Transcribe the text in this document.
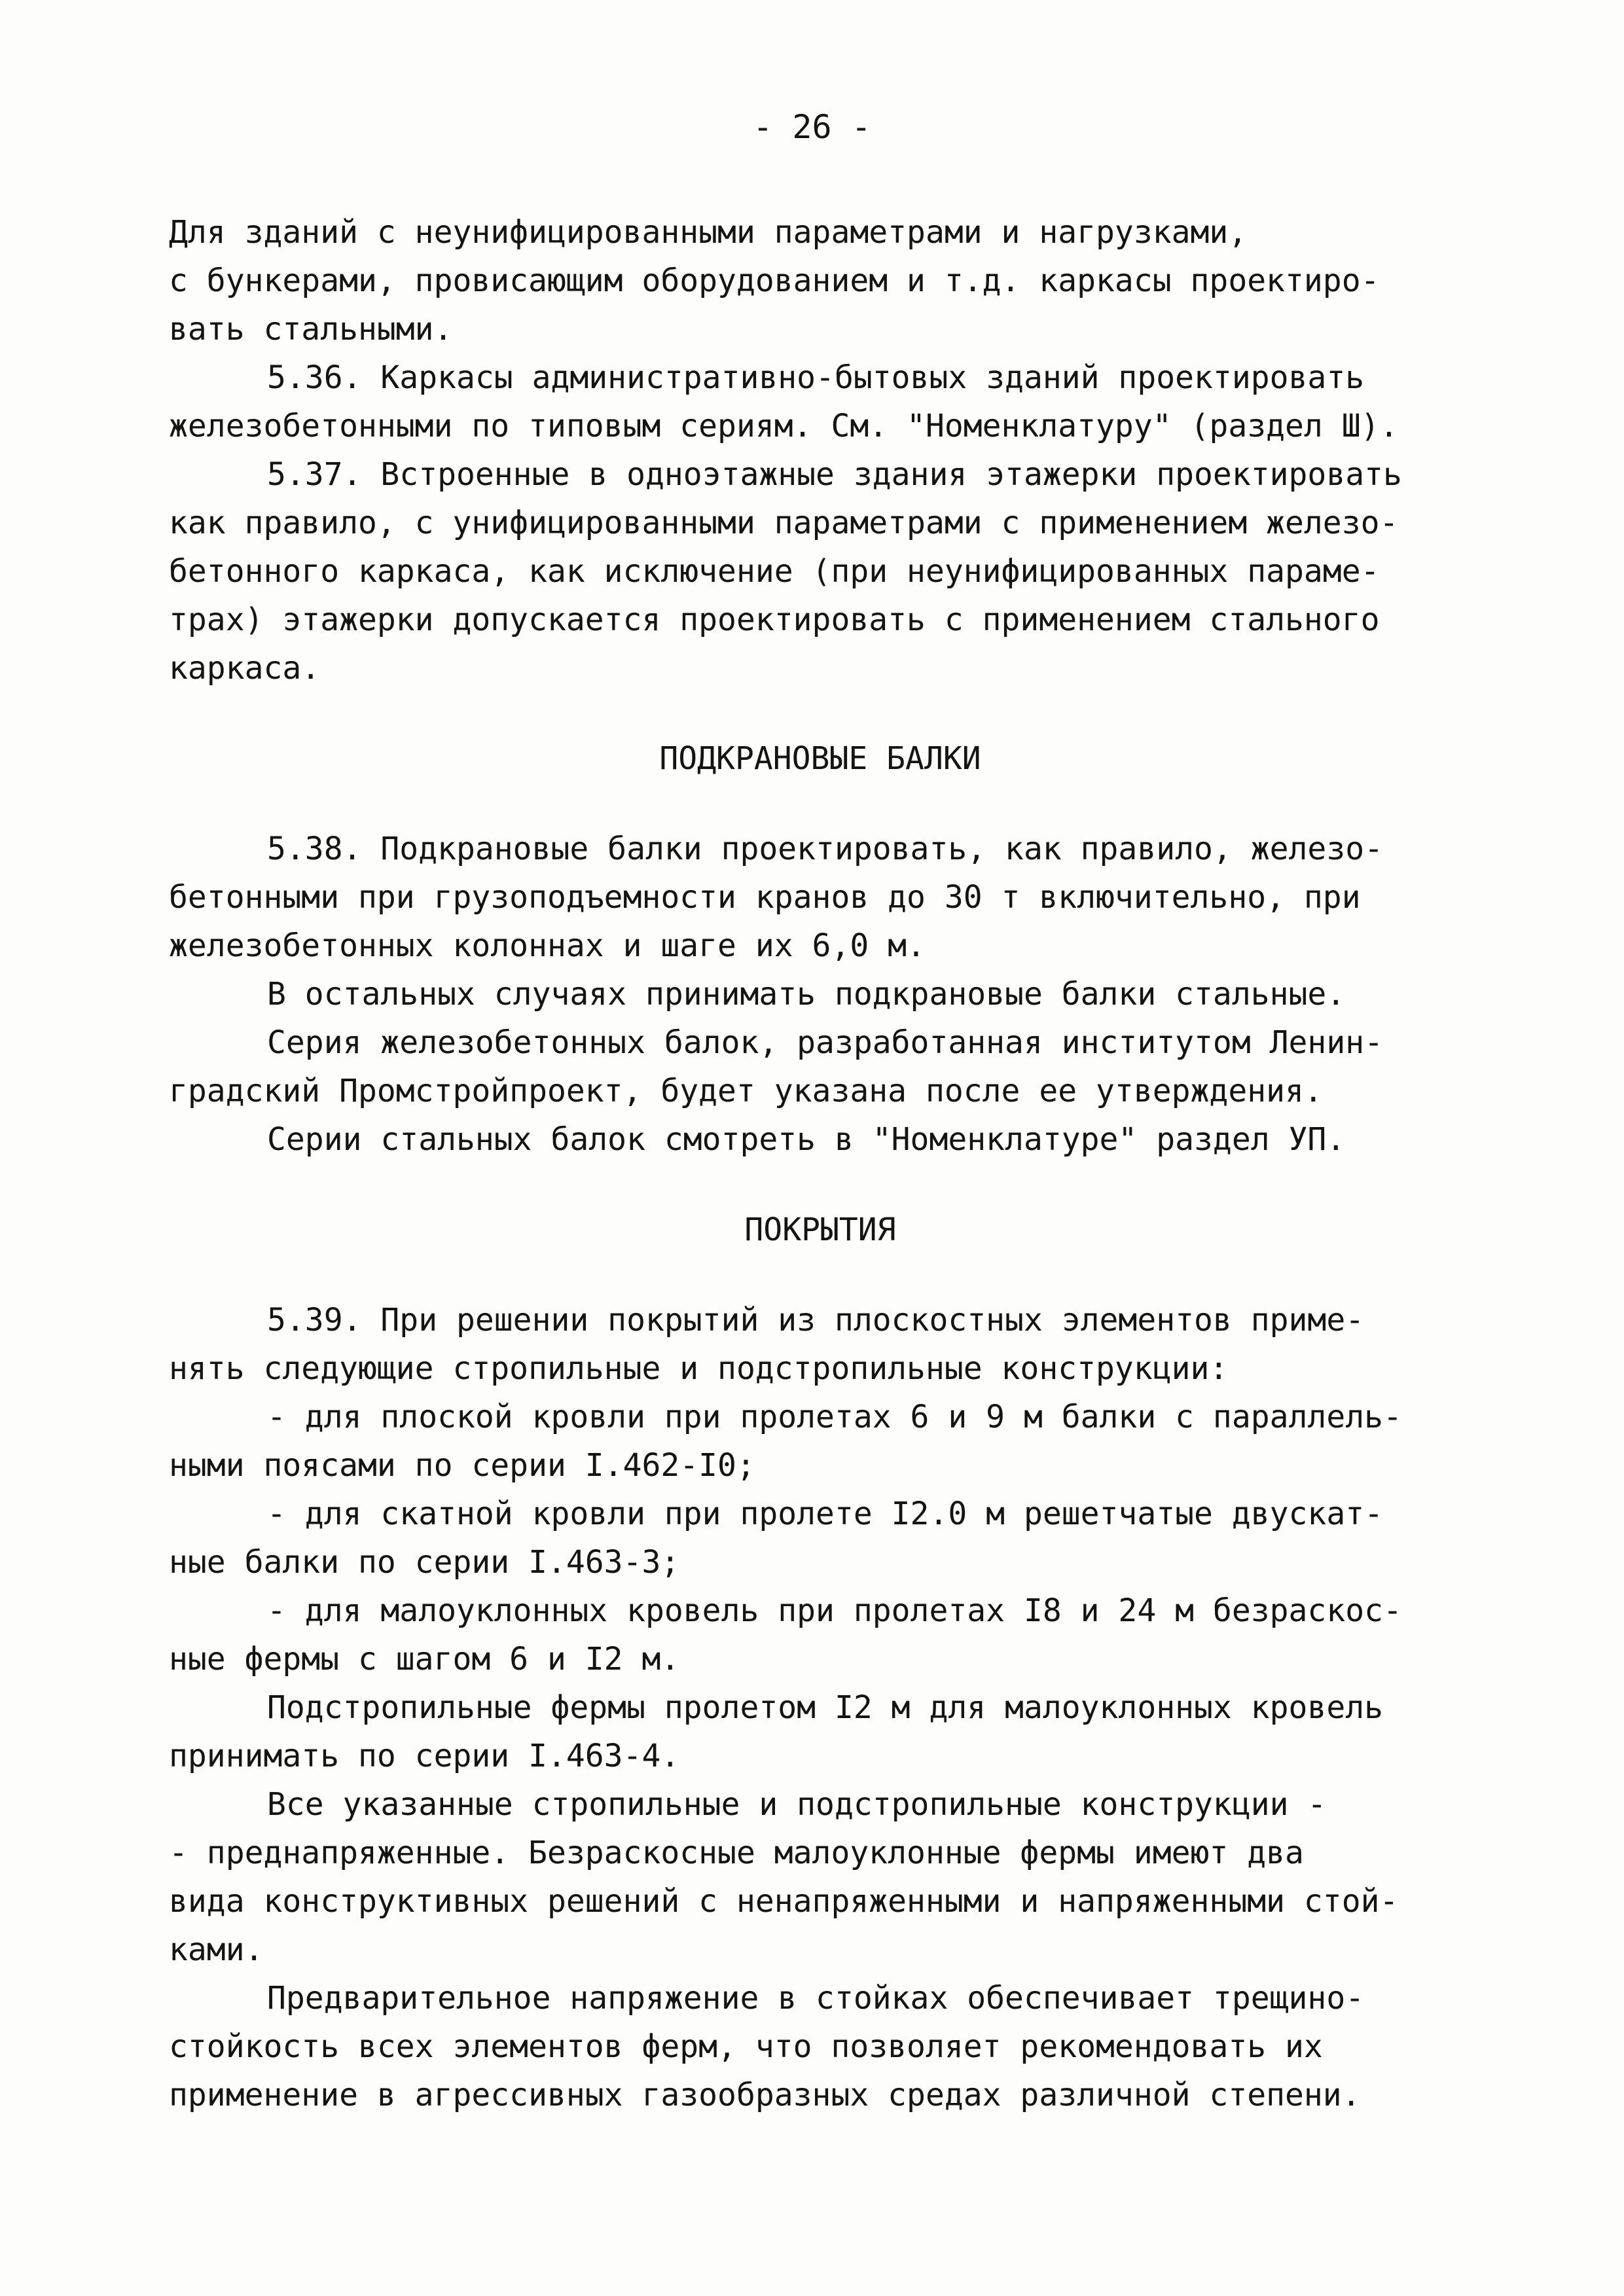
- 26 -
Для зданий с неунифицированными параметрами и нагрузками,
с бункерами, провисающим оборудованием и т.д. каркасы проектиро-
вать стальными.
5.36. Каркасы административно-бытовых зданий проектировать
железобетонными по типовым сериям. См. "Номенклатуру" (раздел Ш).
5.37. Встроенные в одноэтажные здания этажерки проектировать
как правило, с унифицированными параметрами с применением железо-
бетонного каркаса, как исключение (при неунифицированных параме-
трах) этажерки допускается проектировать с применением стального
каркаса.
ПОДКРАНОВЫЕ БАЛКИ
5.38. Подкрановые балки проектировать, как правило, железо-
бетонными при грузоподъемности кранов до 30 т включительно, при
железобетонных колоннах и шаге их 6,0 м.
В остальных случаях принимать подкрановые балки стальные.
Серия железобетонных балок, разработанная институтом Ленин-
градский Промстройпроект, будет указана после ее утверждения.
Серии стальных балок смотреть в "Номенклатуре" раздел УП.
ПОКРЫТИЯ
5.39. При решении покрытий из плоскостных элементов приме-
нять следующие стропильные и подстропильные конструкции:
- для плоской кровли при пролетах 6 и 9 м балки с параллель-
ными поясами по серии I.462-I0;
- для скатной кровли при пролете I2.0 м решетчатые двускат-
ные балки по серии I.463-3;
- для малоуклонных кровель при пролетах I8 и 24 м безраскос-
ные фермы с шагом 6 и I2 м.
Подстропильные фермы пролетом I2 м для малоуклонных кровель
принимать по серии I.463-4.
Все указанные стропильные и подстропильные конструкции -
- преднапряженные. Безраскосные малоуклонные фермы имеют два
вида конструктивных решений с ненапряженными и напряженными стой-
ками.
Предварительное напряжение в стойках обеспечивает трещино-
стойкость всех элементов ферм, что позволяет рекомендовать их
применение в агрессивных газообразных средах различной степени.
